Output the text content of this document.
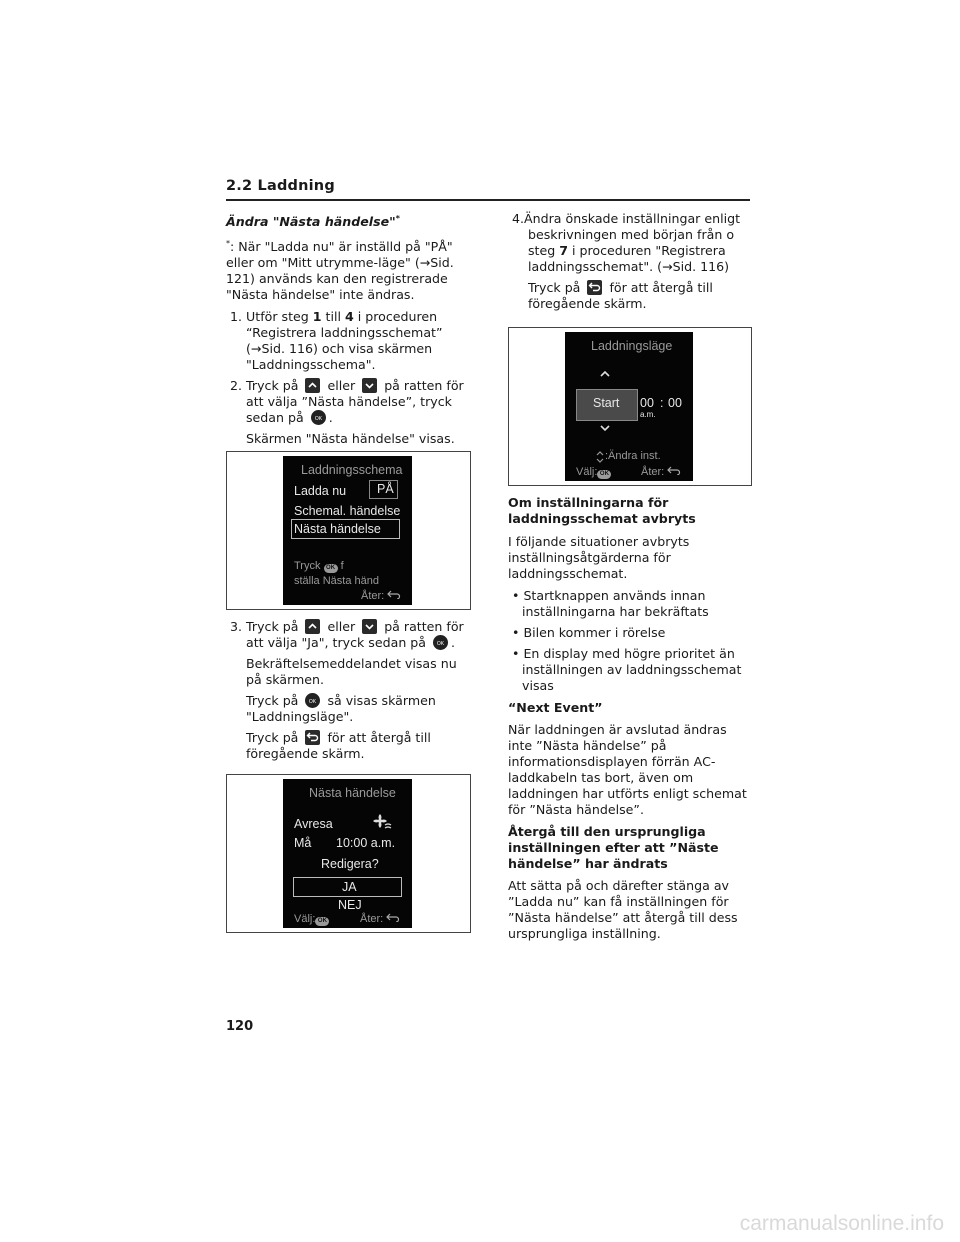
2.2 Laddning

Ändra "Nästa händelse"*

*: När "Ladda nu" är inställd på "PÅ" eller om "Mitt utrymme-läge" (→Sid. 121) används kan den registrerade "Nästa händelse" inte ändras.

1. Utför steg 1 till 4 i proceduren “Registrera laddningsschemat” (→Sid. 116) och visa skärmen "Laddningsschema".

2. Tryck på eller på ratten för att välja ”Nästa händelse”, tryck sedan på OK .

Skärmen "Nästa händelse" visas.

Laddningsschema
Ladda nu PÅ
Schemal. händelse
Nästa händelse
Tryck OK f
ställa Nästa händ
Åter:

3. Tryck på eller på ratten för att välja "Ja", tryck sedan på OK .

Bekräftelsemeddelandet visas nu på skärmen.

Tryck på OK så visas skärmen "Laddningsläge".

Tryck på för att återgå till föregående skärm.

Nästa händelse
Avresa
Må 10:00 a.m.
Redigera?
JA
NEJ
Välj: OK	Åter:

4.Ändra önskade inställningar enligt beskrivningen med början från o steg 7 i proceduren "Registrera laddningsschemat". (→Sid. 116)

Tryck på för att återgå till föregående skärm.

Laddningsläge
Start 00 : 00
a.m.
:Ändra inst.
Välj: OK	Åter:

Om inställningarna för laddningsschemat avbryts

I följande situationer avbryts inställningsåtgärderna för laddningsschemat.

• Startknappen används innan inställningarna har bekräftats

• Bilen kommer i rörelse

• En display med högre prioritet än inställningen av laddningsschemat visas

“Next Event”

När laddningen är avslutad ändras inte ”Nästa händelse” på informationsdisplayen förrän AC-laddkabeln tas bort, även om laddningen har utförts enligt schemat för ”Nästa händelse”.

Återgå till den ursprungliga inställningen efter att ”Näste händelse” har ändrats

Att sätta på och därefter stänga av ”Ladda nu” kan få inställningen för ”Nästa händelse” att återgå till dess ursprungliga inställning.

120
carmanualsonline.info
